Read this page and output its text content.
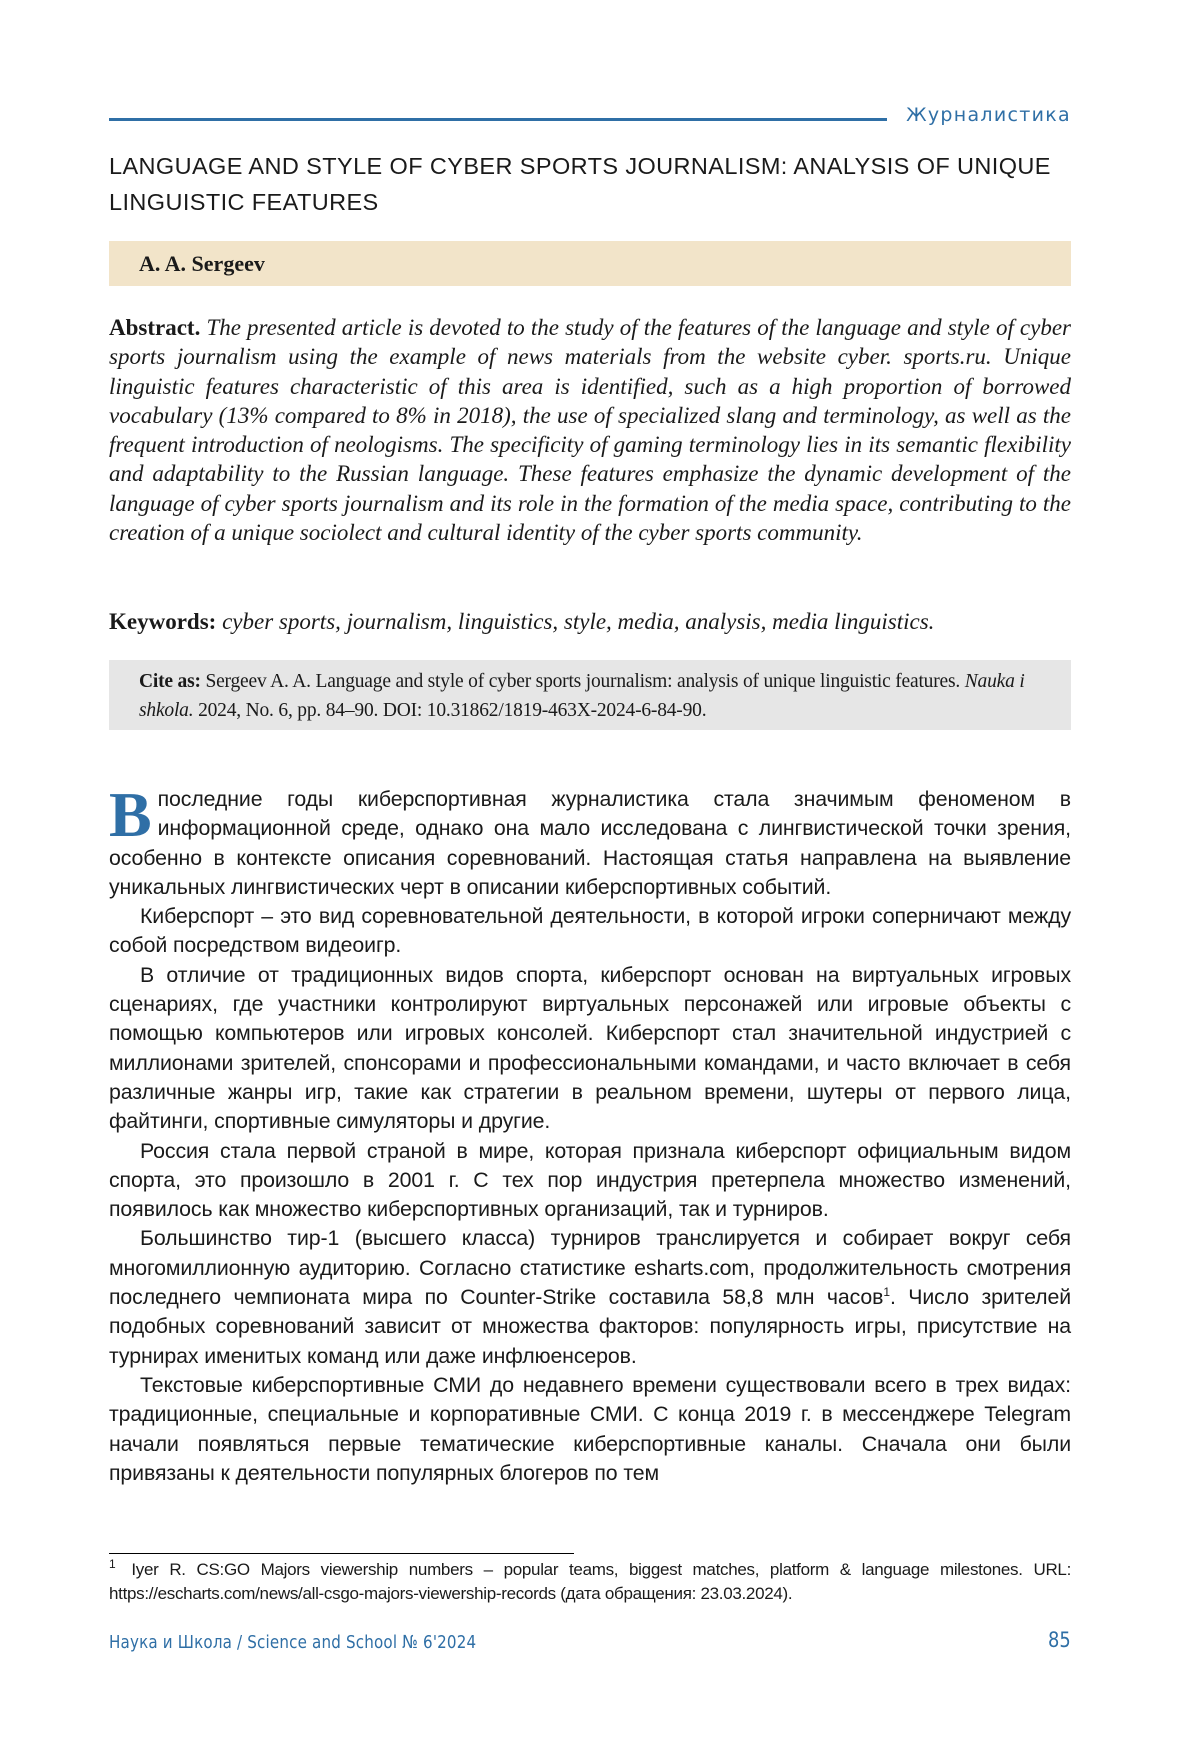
Журналистика
LANGUAGE AND STYLE OF CYBER SPORTS JOURNALISM: ANALYSIS OF UNIQUE
LINGUISTIC FEATURES
A. A. Sergeev
Abstract. The presented article is devoted to the study of the features of the language and style of cyber sports journalism using the example of news materials from the website cyber. sports.ru. Unique linguistic features characteristic of this area is identified, such as a high proportion of borrowed vocabulary (13% compared to 8% in 2018), the use of specialized slang and terminology, as well as the frequent introduction of neologisms. The specificity of gaming terminology lies in its semantic flexibility and adaptability to the Russian language. These features emphasize the dynamic development of the language of cyber sports journalism and its role in the formation of the media space, contributing to the creation of a unique sociolect and cultural identity of the cyber sports community.
Keywords: cyber sports, journalism, linguistics, style, media, analysis, media linguistics.
Cite as: Sergeev A. A. Language and style of cyber sports journalism: analysis of unique linguistic features. Nauka i shkola. 2024, No. 6, pp. 84–90. DOI: 10.31862/1819-463X-2024-6-84-90.

Впоследние годы киберспортивная журналистика стала значимым феноменом в информационной среде, однако она мало исследована с лингвистической точки зрения, особенно в контексте описания соревнований. Настоящая статья направлена на выявление уникальных лингвистических черт в описании киберспортивных событий.

Киберспорт – это вид соревновательной деятельности, в которой игроки соперничают между собой посредством видеоигр.

В отличие от традиционных видов спорта, киберспорт основан на виртуальных игровых сценариях, где участники контролируют виртуальных персонажей или игровые объекты с помощью компьютеров или игровых консолей. Киберспорт стал значительной индустрией с миллионами зрителей, спонсорами и профессиональными командами, и часто включает в себя различные жанры игр, такие как стратегии в реальном времени, шутеры от первого лица, файтинги, спортивные симуляторы и другие.

Россия стала первой страной в мире, которая признала киберспорт официальным видом спорта, это произошло в 2001 г. С тех пор индустрия претерпела множество изменений, появилось как множество киберспортивных организаций, так и турниров.

Большинство тир-1 (высшего класса) турниров транслируется и собирает вокруг себя многомиллионную аудиторию. Согласно статистике esharts.com, продолжительность смотрения последнего чемпионата мира по Counter-Strike составила 58,8 млн часов$^1$. Число зрителей подобных соревнований зависит от множества факторов: популярность игры, присутствие на турнирах именитых команд или даже инфлюенсеров.

Текстовые киберспортивные СМИ до недавнего времени существовали всего в трех видах: традиционные, специальные и корпоративные СМИ. С конца 2019 г. в мессенджере Telegram начали появляться первые тематические киберспортивные каналы. Сначала они были привязаны к деятельности популярных блогеров по тем

$^1$ Iyer R. CS:GO Majors viewership numbers – popular teams, biggest matches, platform & language milestones. URL: https://escharts.com/news/all-csgo-majors-viewership-records (дата обращения: 23.03.2024).
Наука и Школа / Science and School № 6'2024	85
